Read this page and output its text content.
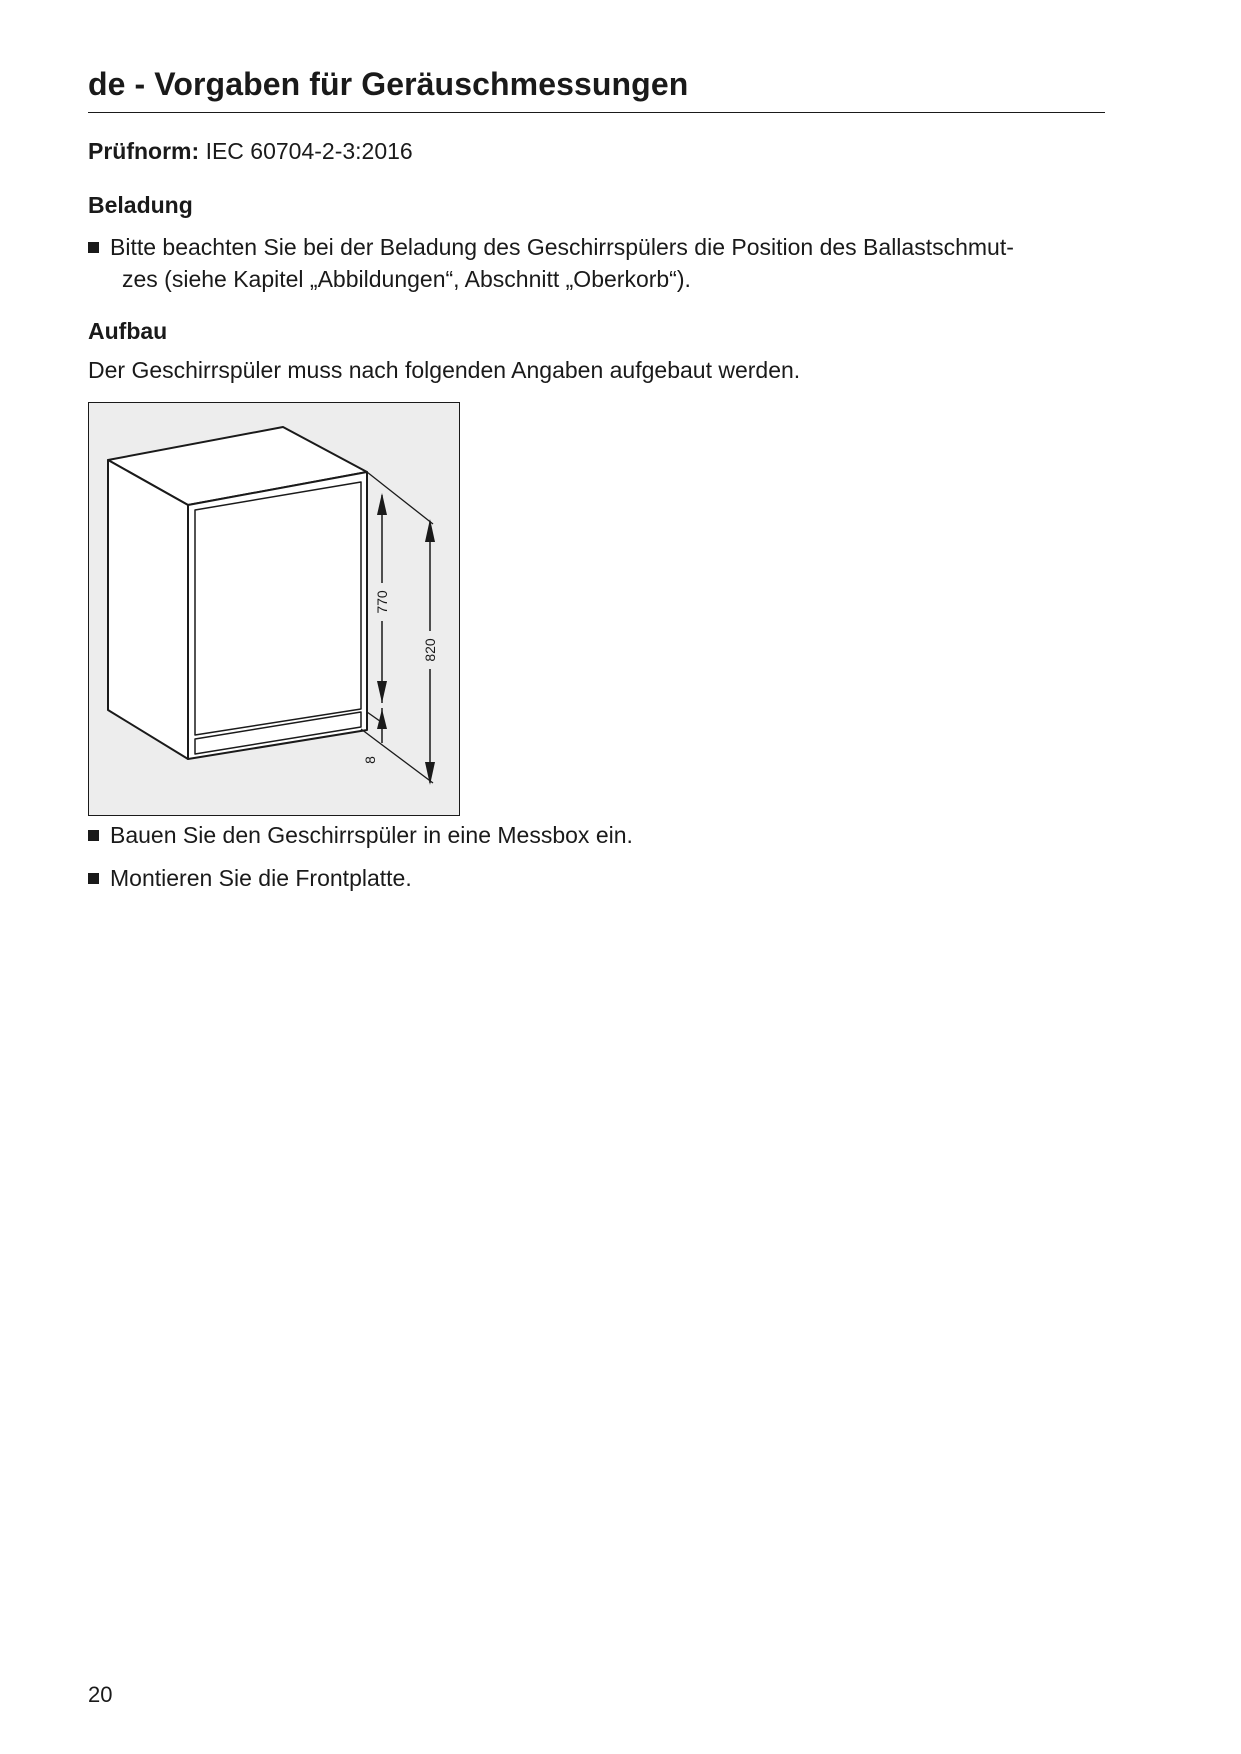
de - Vorgaben für Geräuschmessungen
Prüfnorm: IEC 60704-2-3:2016
Beladung
Bitte beachten Sie bei der Beladung des Geschirrspülers die Position des Ballastschmut-
zes (siehe Kapitel „Abbildungen“, Abschnitt „Oberkorb“).
Aufbau
Der Geschirrspüler muss nach folgenden Angaben aufgebaut werden.
770
820
8
Bauen Sie den Geschirrspüler in eine Messbox ein.
Montieren Sie die Frontplatte.
20
